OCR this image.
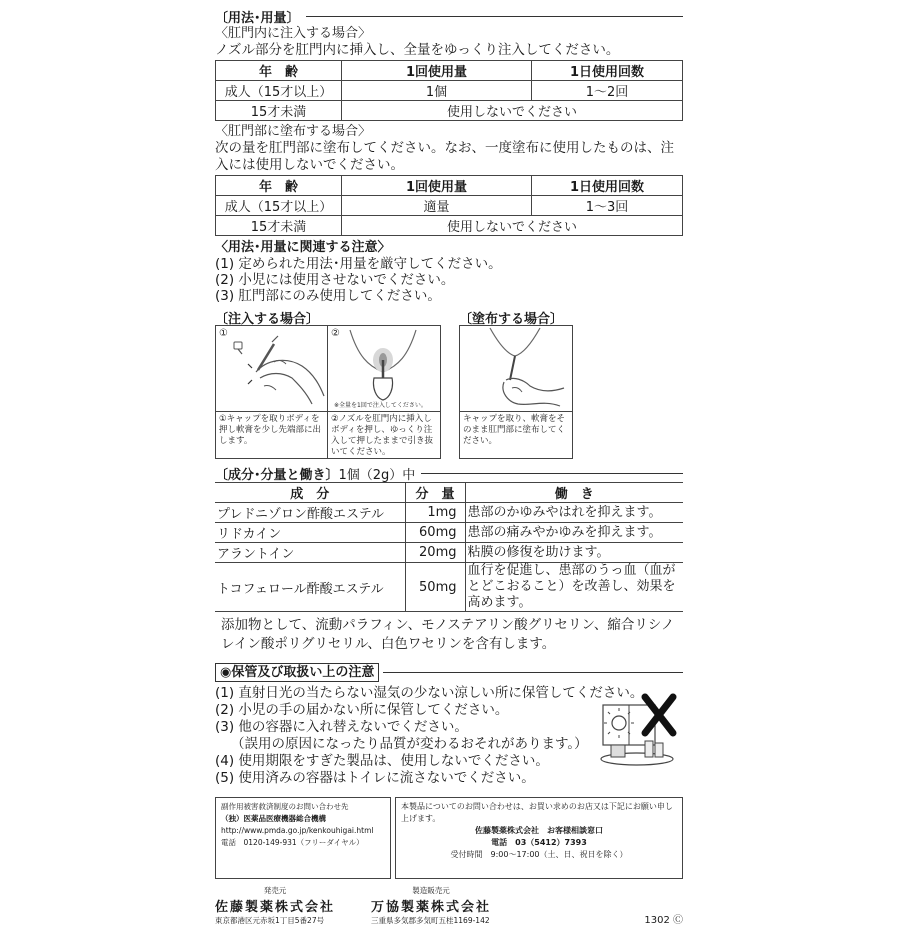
〔用法･用量〕
〈肛門内に注入する場合〉
ノズル部分を肛門内に挿入し、全量をゆっくり注入してください。
年　齢	1回使用量	1日使用回数
成人（15才以上）	1個	1〜2回
15才未満	使用しないでください	
〈肛門部に塗布する場合〉
次の量を肛門部に塗布してください。なお、一度塗布に使用したものは、注入には使用しないでください。
年　齢	1回使用量	1日使用回数
成人（15才以上）	適量	1〜3回
15才未満	使用しないでください	
〈用法･用量に関連する注意〉
(1) 定められた用法･用量を厳守してください。
(2) 小児には使用させないでください。
(3) 肛門部にのみ使用してください。
〔注入する場合〕
①
①キャップを取りボディを押し軟膏を少し先端部に出します。
②
※全量を1回で注入してください。
②ノズルを肛門内に挿入しボディを押し、ゆっくり注入して押したままで引き抜いてください。
〔塗布する場合〕
キャップを取り、軟膏をそのまま肛門部に塗布してください。
〔成分･分量と働き〕 1個（2g）中
成　分	分　量	働　き
プレドニゾロン酢酸エステル	1mg	患部のかゆみやはれを抑えます。
リドカイン	60mg	患部の痛みやかゆみを抑えます。
アラントイン	20mg	粘膜の修復を助けます。
トコフェロール酢酸エステル	50mg	血行を促進し、患部のうっ血（血がとどこおること）を改善し、効果を高めます。
添加物として、流動パラフィン、モノステアリン酸グリセリン、縮合リシノレイン酸ポリグリセリル、白色ワセリンを含有します。
◉保管及び取扱い上の注意
(1) 直射日光の当たらない湿気の少ない涼しい所に保管してください。
(2) 小児の手の届かない所に保管してください。
(3) 他の容器に入れ替えないでください。
（誤用の原因になったり品質が変わるおそれがあります。）
(4) 使用期限をすぎた製品は、使用しないでください。
(5) 使用済みの容器はトイレに流さないでください。
副作用被害救済制度のお問い合わせ先
（独）医薬品医療機器総合機構
http://www.pmda.go.jp/kenkouhigai.html
電話　0120-149-931（フリーダイヤル）
本製品についてのお問い合わせは、お買い求めのお店又は下記にお願い申し上げます。
佐藤製薬株式会社　お客様相談窓口
電話　03（5412）7393
受付時間　9:00〜17:00（土、日、祝日を除く）
発売元
佐藤製薬株式会社
東京都港区元赤坂1丁目5番27号
製造販売元
万協製薬株式会社
三重県多気郡多気町五桂1169-142	1302 Ⓒ
